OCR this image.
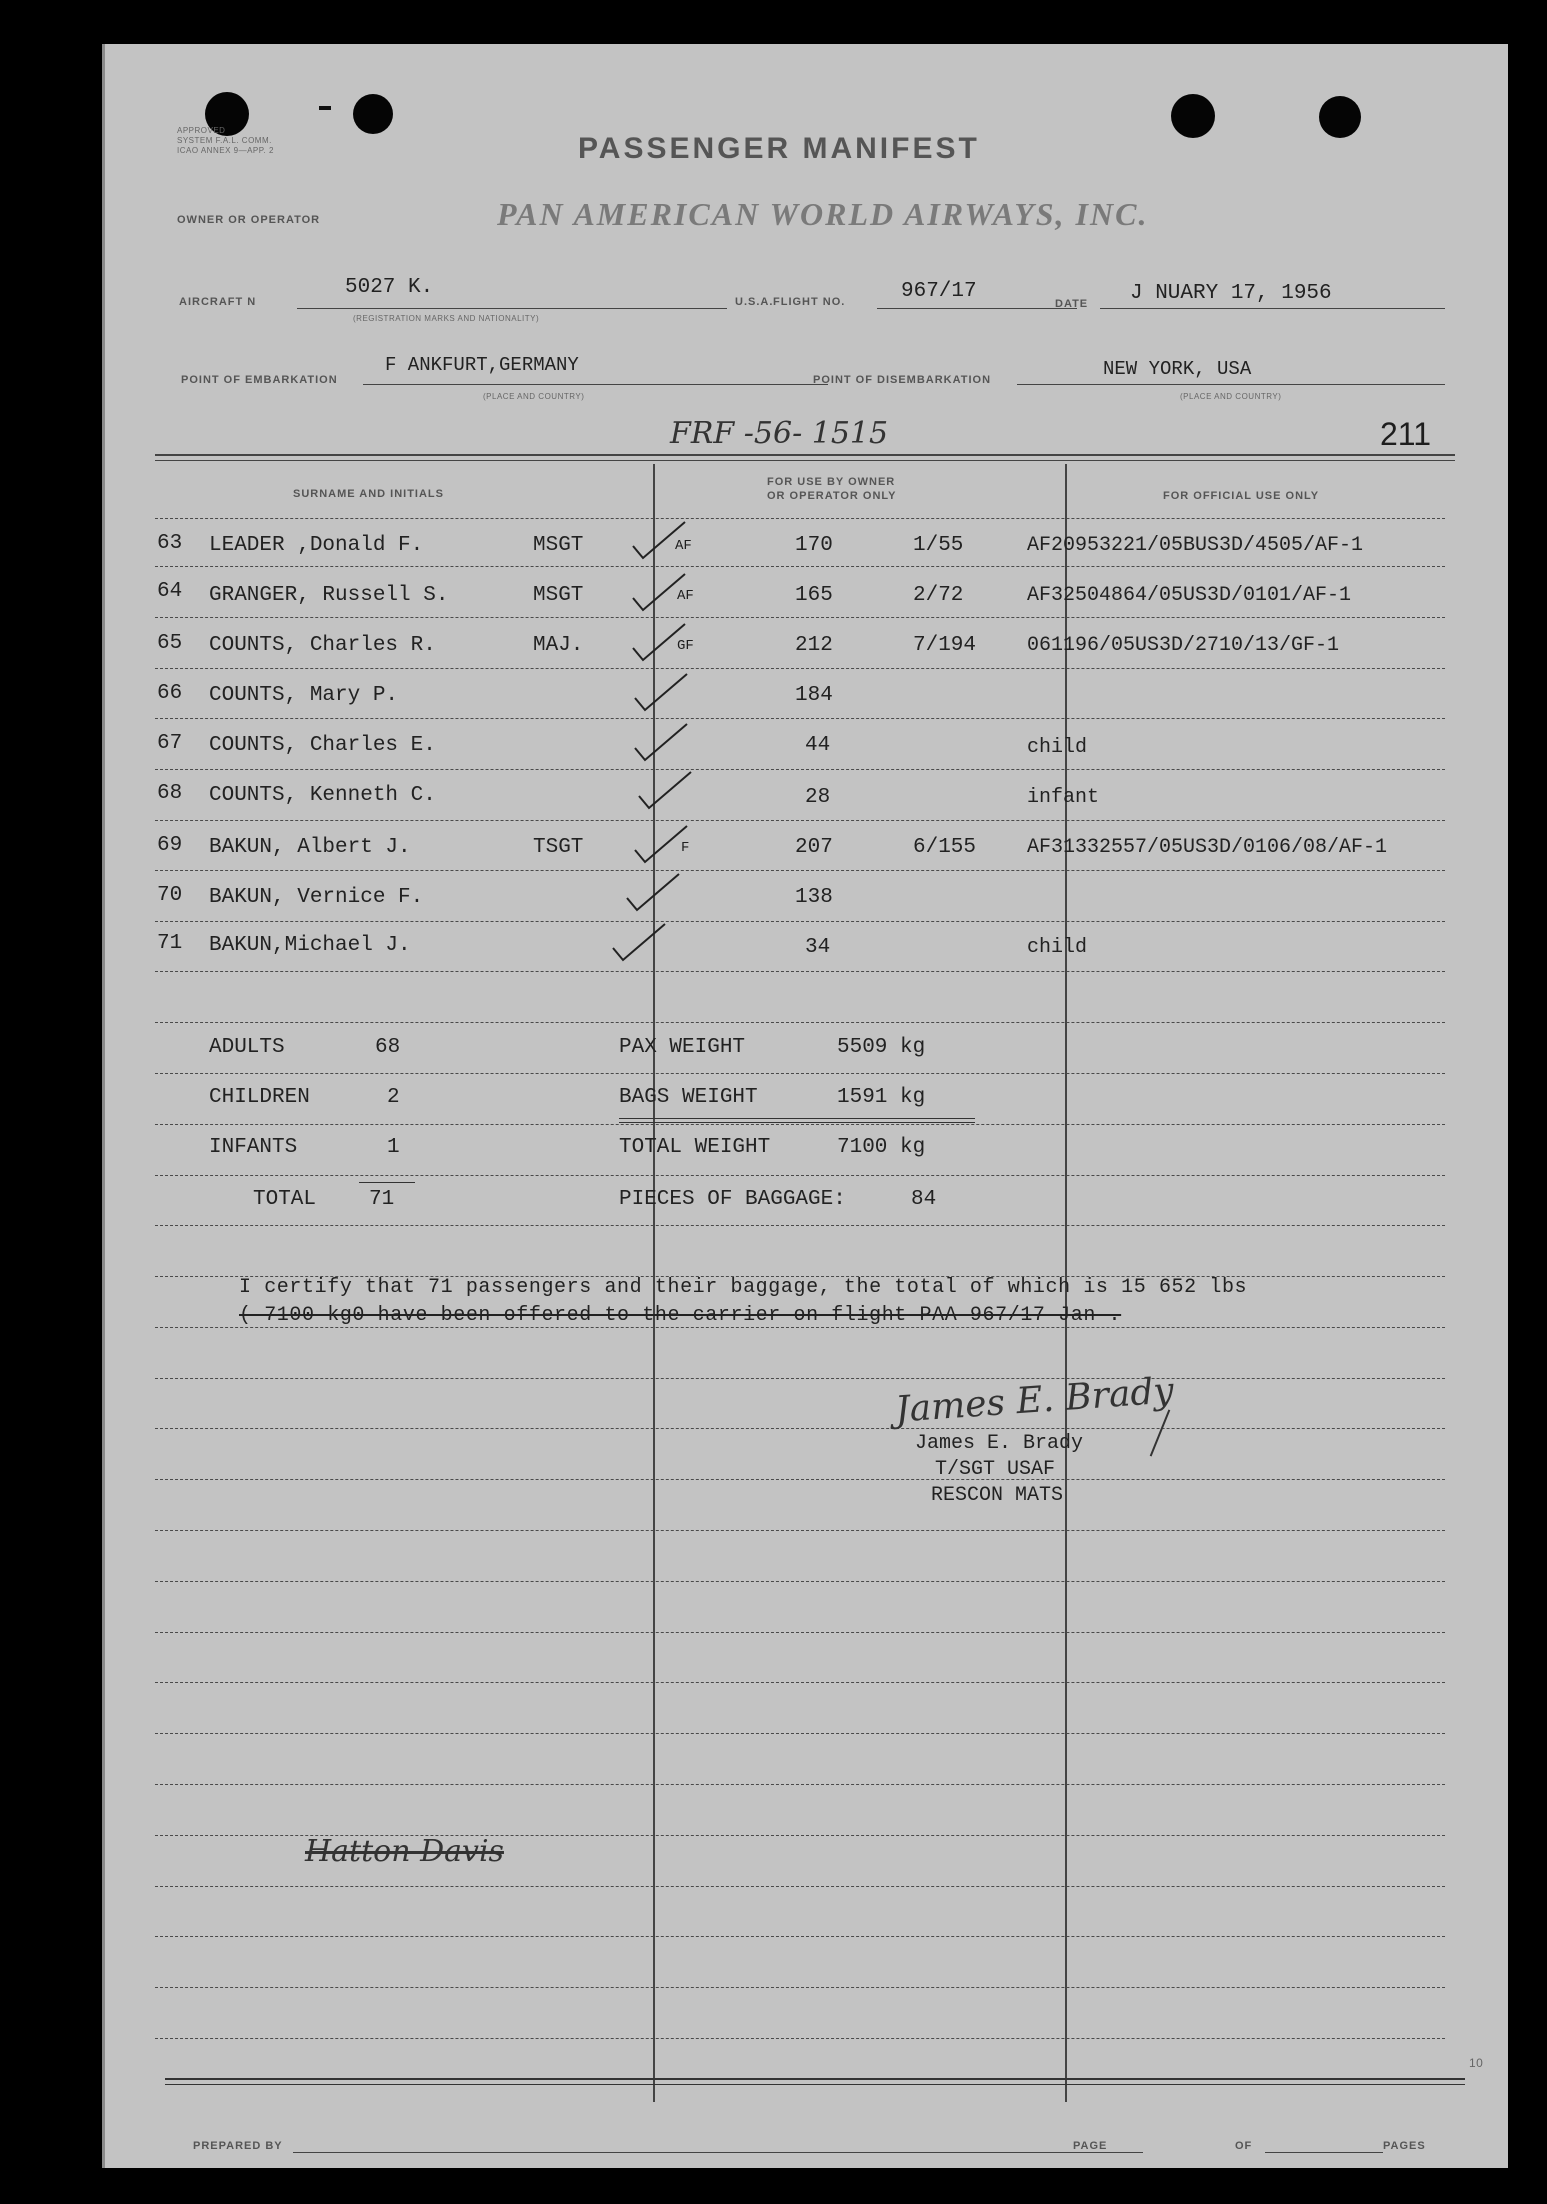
APPROVED
SYSTEM F.A.L. COMM.
ICAO ANNEX 9—APP. 2	PASSENGER MANIFEST
OWNER OR OPERATOR	PAN AMERICAN WORLD AIRWAYS, INC.
AIRCRAFT N
5027 K.
(REGISTRATION MARKS AND NATIONALITY)
U.S.A. FLIGHT NO.	967/17
DATE J NUARY 17, 1956
POINT OF EMBARKATION
F ANKFURT,GERMANY
(PLACE AND COUNTRY)
POINT OF DISEMBARKATION	NEW YORK, USA
(PLACE AND COUNTRY)
FRF -56- 1515	211
SURNAME AND INITIALS
FOR USE BY OWNER
OR OPERATOR ONLY	FOR OFFICIAL USE ONLY
63 LEADER ,Donald F.	MSGT	AF	170	1/55	AF20953221/05BUS3D/4505/AF-1
64 GRANGER, Russell S.	MSGT	AF	165	2/72	AF32504864/05US3D/0101/AF-1
65 COUNTS, Charles R.	MAJ.	GF	212	7/194	061196/05US3D/2710/13/GF-1
66 COUNTS, Mary P.	184
67 COUNTS, Charles E.	44	child
68 COUNTS, Kenneth C.	28	infant
69 BAKUN, Albert J.	TSGT	F	207	6/155	AF31332557/05US3D/0106/08/AF-1
70 BAKUN, Vernice F.	138
71 BAKUN,Michael J.	34	child
ADULTS	68
CHILDREN	2
INFANTS	1
TOTAL	71
PAX WEIGHT	5509 kg
BAGS WEIGHT	1591 kg
TOTAL WEIGHT	7100 kg
PIECES OF BAGGAGE:	84
I certify that 71 passengers and their baggage, the total of which is 15 652 lbs
( 7100 kg0 have been offered to the carrier on flight PAA 967/17 Jan .
James E. Brady
James E. Brady
T/SGT USAF
RESCON MATS
Hatton Davis
PREPARED BY	PAGE	OF	PAGES
10
